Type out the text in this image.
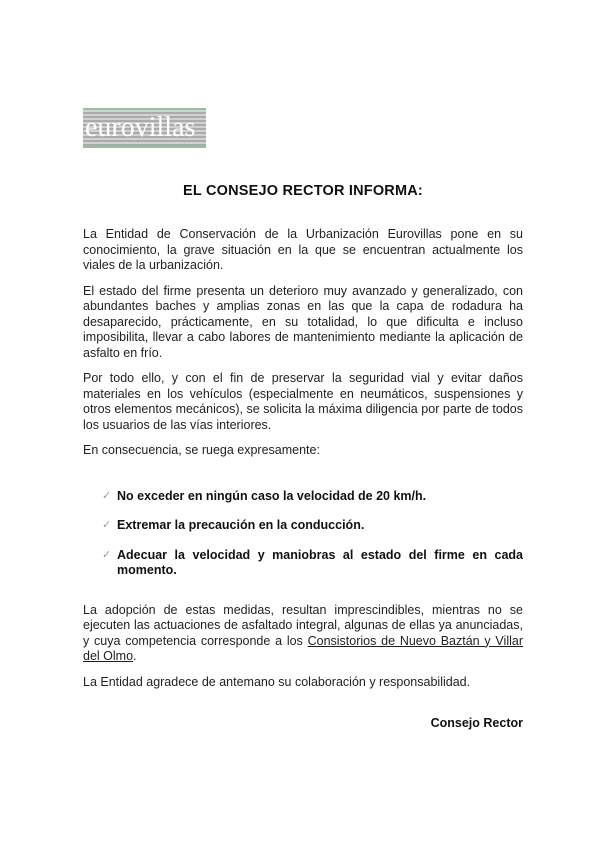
eurovillas
EL CONSEJO RECTOR INFORMA:

La Entidad de Conservación de la Urbanización Eurovillas pone en su conocimiento, la grave situación en la que se encuentran actualmente los viales de la urbanización.

El estado del firme presenta un deterioro muy avanzado y generalizado, con abundantes baches y amplias zonas en las que la capa de rodadura ha desaparecido, prácticamente, en su totalidad, lo que dificulta e incluso imposibilita, llevar a cabo labores de mantenimiento mediante la aplicación de asfalto en frío.

Por todo ello, y con el fin de preservar la seguridad vial y evitar daños materiales en los vehículos (especialmente en neumáticos, suspensiones y otros elementos mecánicos), se solicita la máxima diligencia por parte de todos los usuarios de las vías interiores.

En consecuencia, se ruega expresamente:

✓ No exceder en ningún caso la velocidad de 20 km/h.
✓ Extremar la precaución en la conducción.
✓ Adecuar la velocidad y maniobras al estado del firme en cada momento.

La adopción de estas medidas, resultan imprescindibles, mientras no se ejecuten las actuaciones de asfaltado integral, algunas de ellas ya anunciadas, y cuya competencia corresponde a los Consistorios de Nuevo Baztán y Villar del Olmo.

La Entidad agradece de antemano su colaboración y responsabilidad.

Consejo Rector
